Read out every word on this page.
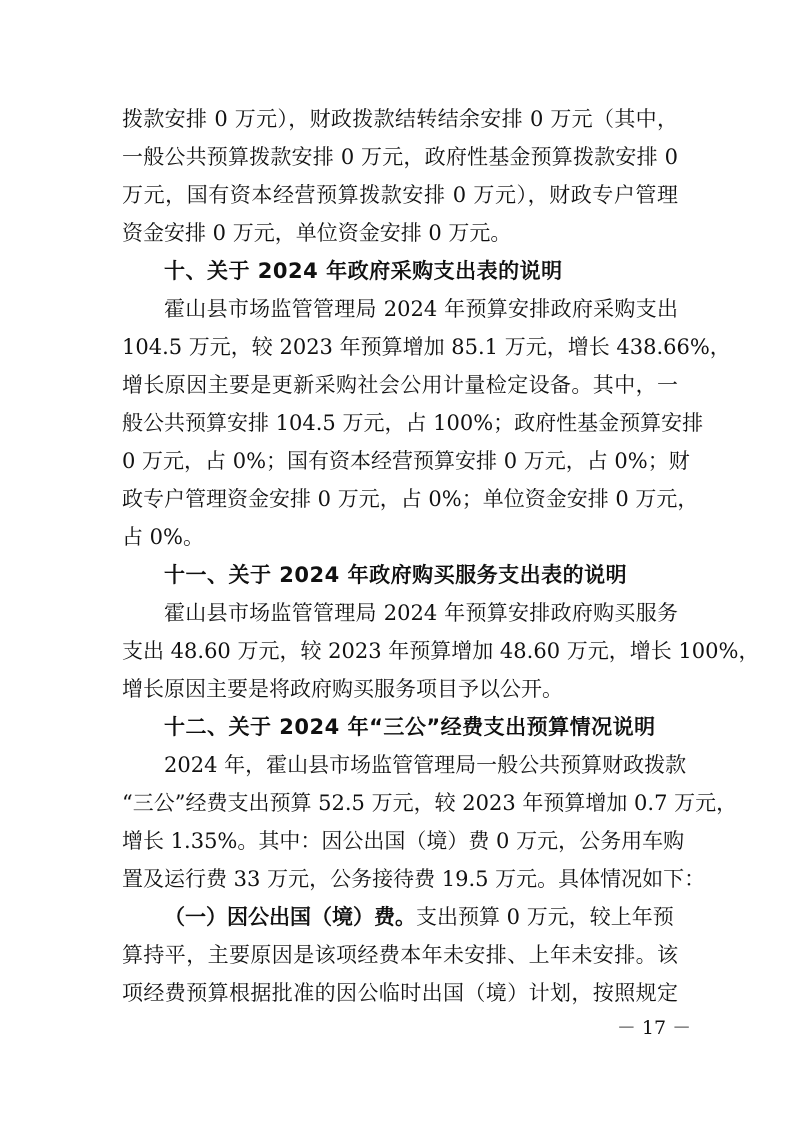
拨款安排 0 万元），财政拨款结转结余安排 0 万元（其中，
一般公共预算拨款安排 0 万元，政府性基金预算拨款安排 0
万元，国有资本经营预算拨款安排 0 万元），财政专户管理
资金安排 0 万元，单位资金安排 0 万元。
十、关于 2024 年政府采购支出表的说明
霍山县市场监管管理局 2024 年预算安排政府采购支出
104.5 万元，较 2023 年预算增加 85.1 万元，增长 438.66%，
增长原因主要是更新采购社会公用计量检定设备。其中，一
般公共预算安排 104.5 万元，占 100%；政府性基金预算安排
0 万元，占 0%；国有资本经营预算安排 0 万元，占 0%；财
政专户管理资金安排 0 万元，占 0%；单位资金安排 0 万元，
占 0%。
十一、关于 2024 年政府购买服务支出表的说明
霍山县市场监管管理局 2024 年预算安排政府购买服务
支出 48.60 万元，较 2023 年预算增加 48.60 万元，增长 100%，
增长原因主要是将政府购买服务项目予以公开。
十二、关于 2024 年“三公”经费支出预算情况说明
2024 年，霍山县市场监管管理局一般公共预算财政拨款
“三公”经费支出预算 52.5 万元，较 2023 年预算增加 0.7 万元，
增长 1.35%。其中：因公出国（境）费 0 万元，公务用车购
置及运行费 33 万元，公务接待费 19.5 万元。具体情况如下：
（一）因公出国（境）费。支出预算 0 万元，较上年预
算持平，主要原因是该项经费本年未安排、上年未安排。该
项经费预算根据批准的因公临时出国（境）计划，按照规定
－ 17 －
